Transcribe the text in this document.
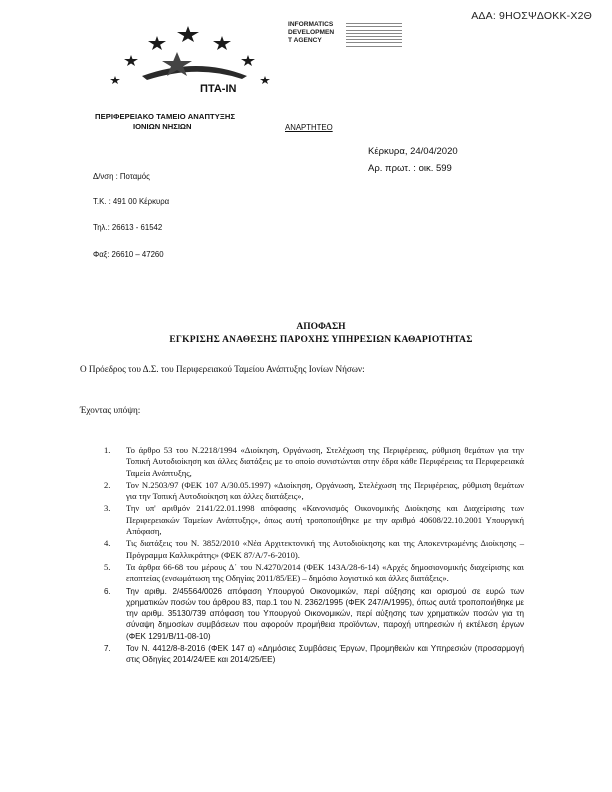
ΑΔΑ: 9ΗΟΣΨΔΟΚΚ-Χ2Θ
ΠΤΑ-ΙΝ
ΠΕΡΙΦΕΡΕΙΑΚΟ ΤΑΜΕΙΟ ΑΝΑΠΤΥΞΗΣ
ΙΟΝΙΩΝ ΝΗΣΙΩΝ
INFORMATICS
DEVELOPMEN
T AGENCY
ΑΝΑΡΤΗΤΕΟ
Κέρκυρα, 24/04/2020
Αρ. πρωτ. : οικ. 599
Δ/νση : Ποταμός
Τ.Κ. : 491 00 Κέρκυρα
Τηλ.: 26613 - 61542
Φαξ: 26610 – 47260
ΑΠΟΦΑΣΗ
ΕΓΚΡΙΣΗΣ ΑΝΑΘΕΣΗΣ ΠΑΡΟΧΗΣ ΥΠΗΡΕΣΙΩΝ ΚΑΘΑΡΙΟΤΗΤΑΣ
Ο Πρόεδρος του Δ.Σ. του Περιφερειακού Ταμείου Ανάπτυξης Ιονίων Νήσων:
Έχοντας υπόψη:
1. Το άρθρο 53 του Ν.2218/1994 «Διοίκηση, Οργάνωση, Στελέχωση της Περιφέρειας, ρύθμιση θεμάτων για την Τοπική Αυτοδιοίκηση και άλλες διατάξεις με το οποίο συνιστώνται στην έδρα κάθε Περιφέρειας τα Περιφερειακά Ταμεία Ανάπτυξης,
2. Τον Ν.2503/97 (ΦΕΚ 107 Α/30.05.1997) «Διοίκηση, Οργάνωση, Στελέχωση της Περιφέρειας, ρύθμιση θεμάτων για την Τοπική Αυτοδιοίκηση και άλλες διατάξεις»,
3. Την υπ' αριθμόν 2141/22.01.1998 απόφασης «Κανονισμός Οικονομικής Διοίκησης και Διαχείρισης των Περιφερειακών Ταμείων Ανάπτυξης», όπως αυτή τροποποιήθηκε με την αριθμό 40608/22.10.2001 Υπουργική Απόφαση,
4. Τις διατάξεις του Ν. 3852/2010 «Νέα Αρχιτεκτονική της Αυτοδιοίκησης και της Αποκεντρωμένης Διοίκησης –Πρόγραμμα Καλλικράτης» (ΦΕΚ 87/Α/7-6-2010).
5. Τα άρθρα 66-68 του μέρους Δ΄ του Ν.4270/2014 (ΦΕΚ 143Α/28-6-14) «Αρχές δημοσιονομικής διαχείρισης και εποπτείας (ενσωμάτωση της Οδηγίας 2011/85/ΕΕ) – δημόσιο λογιστικό και άλλες διατάξεις».
6. Την αριθμ. 2/45564/0026 απόφαση Υπουργού Οικονομικών, περί αύξησης και ορισμού σε ευρώ των χρηματικών ποσών του άρθρου 83, παρ.1 του Ν. 2362/1995 (ΦΕΚ 247/Α/1995), όπως αυτά τροποποιήθηκε με την αριθμ. 35130/739 απόφαση του Υπουργού Οικονομικών, περί αύξησης των χρηματικών ποσών για τη σύναψη δημοσίων συμβάσεων που αφορούν προμήθεια προϊόντων, παροχή υπηρεσιών ή εκτέλεση έργων (ΦΕΚ 1291/Β/11-08-10)
7. Τον Ν. 4412/8-8-2016 (ΦΕΚ 147 α) «Δημόσιες Συμβάσεις Έργων, Προμηθειών και Υπηρεσιών (προσαρμογή στις Οδηγίες 2014/24/ΕΕ και 2014/25/ΕΕ)
